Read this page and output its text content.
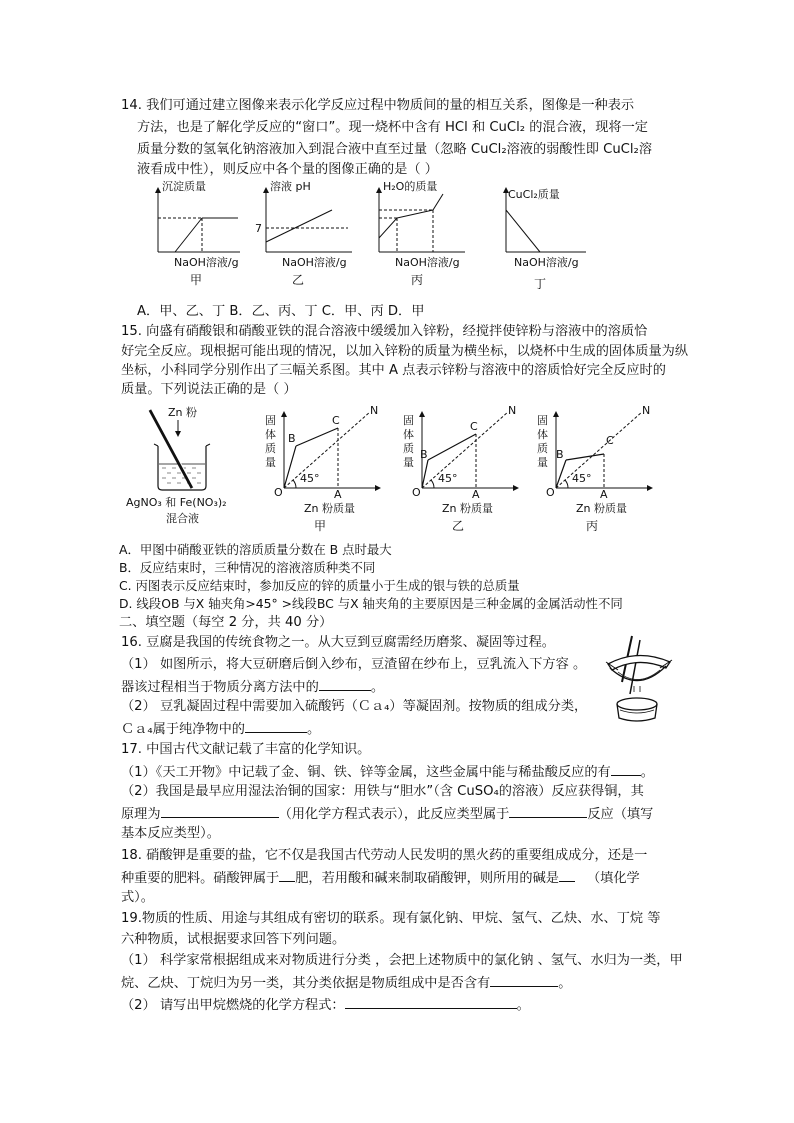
14. 我们可通过建立图像来表示化学反应过程中物质间的量的相互关系，图像是一种表示
方法，也是了解化学反应的“窗口”。现一烧杯中含有 HCl 和 CuCl₂ 的混合液，现将一定
质量分数的氢氧化钠溶液加入到混合液中直至过量（忽略 CuCl₂溶液的弱酸性即 CuCl₂溶
液看成中性），则反应中各个量的图像正确的是（ ）
沉淀质量
NaOH溶液/g
甲
7
溶液 pH
NaOH溶液/g
乙
H₂O的质量
NaOH溶液/g
丙
CuCl₂质量
NaOH溶液/g
丁
A．甲、乙、丁 B．乙、丙、丁 C．甲、丙 D．甲
15. 向盛有硝酸银和硝酸亚铁的混合溶液中缓缓加入锌粉，经搅拌使锌粉与溶液中的溶质恰
好完全反应。现根据可能出现的情况，以加入锌粉的质量为横坐标，以烧杯中生成的固体质量为纵
坐标，小科同学分别作出了三幅关系图。其中 A 点表示锌粉与溶液中的溶质恰好完全反应时的
质量。下列说法正确的是（ ）
Zn 粉
AgNO₃ 和 Fe(NO₃)₂
混合液
固
体
质
量
45°
B
C
N
O	A
Zn 粉质量
甲
固
体
质
量
45°
B
C
N
O	A
Zn 粉质量
乙
固
体
质
量
45°
B
C
N
O	A
Zn 粉质量
丙
A．甲图中硝酸亚铁的溶质质量分数在 B 点时最大
B．反应结束时，三种情况的溶液溶质种类不同
C. 丙图表示反应结束时，参加反应的锌的质量小于生成的银与铁的总质量
D. 线段OB 与X 轴夹角>45° >线段BC 与X 轴夹角的主要原因是三种金属的金属活动性不同
二、填空题（每空 2 分，共 40 分）
16. 豆腐是我国的传统食物之一。从大豆到豆腐需经历磨浆、凝固等过程。
（1） 如图所示，将大豆研磨后倒入纱布，豆渣留在纱布上，豆乳流入下方容 。
器该过程相当于物质分离方法中的	。
（2） 豆乳凝固过程中需要加入硫酸钙（Ｃａ₄）等凝固剂。按物质的组成分类，
Ｃａ₄属于纯净物中的	。
17. 中国古代文献记载了丰富的化学知识。
（1）《天工开物》中记载了金、铜、铁、锌等金属，这些金属中能与稀盐酸反应的有 。
（2）我国是最早应用湿法治铜的国家：用铁与“胆水”（含 CuSO₄的溶液）反应获得铜，其
原理为	（用化学方程式表示），此反应类型属于	反应（填写
基本反应类型）。
18. 硝酸钾是重要的盐，它不仅是我国古代劳动人民发明的黑火药的重要组成成分，还是一
种重要的肥料。硝酸钾属于 肥，若用酸和碱来制取硝酸钾，则所用的碱是 （填化学
式）。
19.物质的性质、用途与其组成有密切的联系。现有氯化钠、甲烷、氢气、乙炔、水、丁烷 等
六种物质，试根据要求回答下列问题。
（1） 科学家常根据组成来对物质进行分类 ，会把上述物质中的氯化钠 、氢气、水归为一类，甲
烷、乙炔、丁烷归为另一类，其分类依据是物质组成中是否含有	。
（2） 请写出甲烷燃烧的化学方程式：	。
